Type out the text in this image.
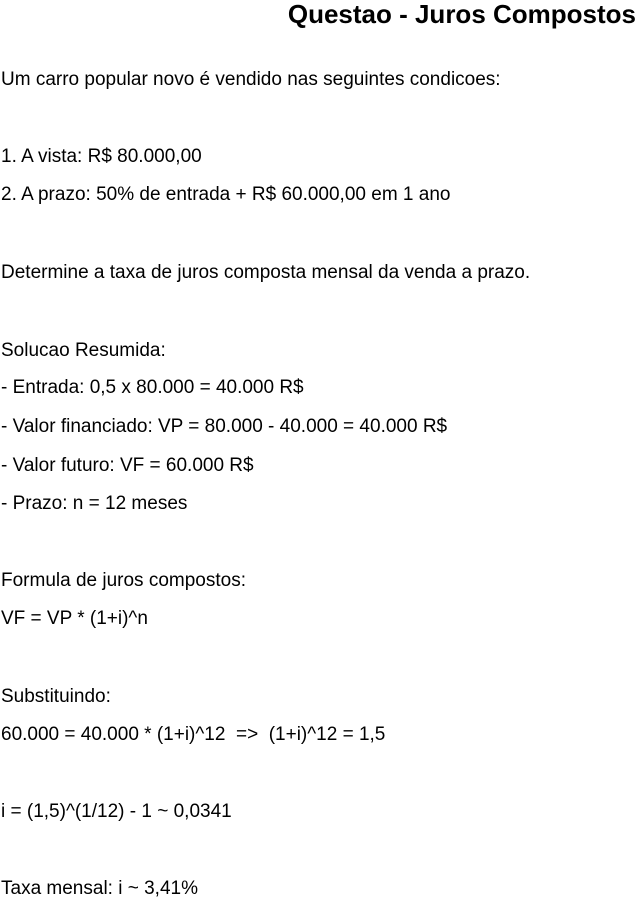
Questao - Juros Compostos
Um carro popular novo é vendido nas seguintes condicoes:
1. A vista: R$ 80.000,00
2. A prazo: 50% de entrada + R$ 60.000,00 em 1 ano
Determine a taxa de juros composta mensal da venda a prazo.
Solucao Resumida:
- Entrada: 0,5 x 80.000 = 40.000 R$
- Valor financiado: VP = 80.000 - 40.000 = 40.000 R$
- Valor futuro: VF = 60.000 R$
- Prazo: n = 12 meses
Formula de juros compostos:
VF = VP * (1+i)^n
Substituindo:
60.000 = 40.000 * (1+i)^12  =>  (1+i)^12 = 1,5
i = (1,5)^(1/12) - 1 ~ 0,0341
Taxa mensal: i ~ 3,41%
